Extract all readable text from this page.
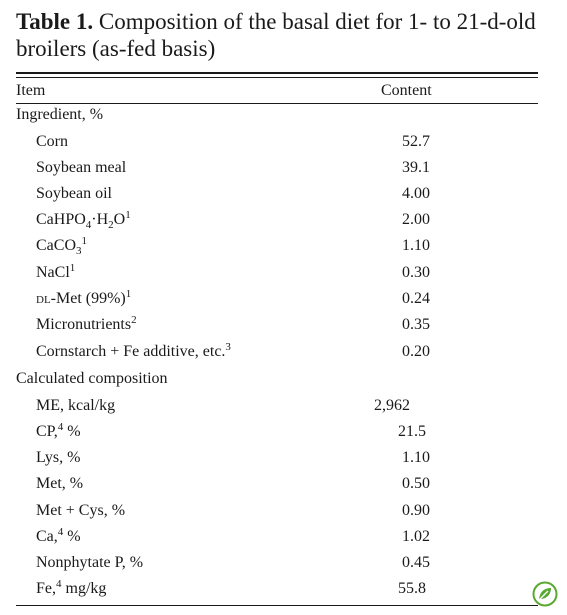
Table 1. Composition of the basal diet for 1- to 21-d-old broilers (as-fed basis)
Item	Content
Ingredient, %
Corn	52.7
Soybean meal	39.1
Soybean oil	4.00
$CaHPO_4\cdot H_2O^1$	2.00
CaCO$_3^1$	1.10
NaCl$^1$	0.30
dl-Met $(99\%)^1$	0.24
Micronutrients$^2$	0.35
Cornstarch + Fe additive, etc.$^3$	0.20
Calculated composition
ME, kcal/kg	2,962
CP,$^4$ %	21.5
Lys, %	1.10
Met, %	0.50
Met + Cys, %	0.90
Ca,$^4$ %	1.02
Nonphytate P, %	0.45
Fe,$^4$ mg/kg	55.8
